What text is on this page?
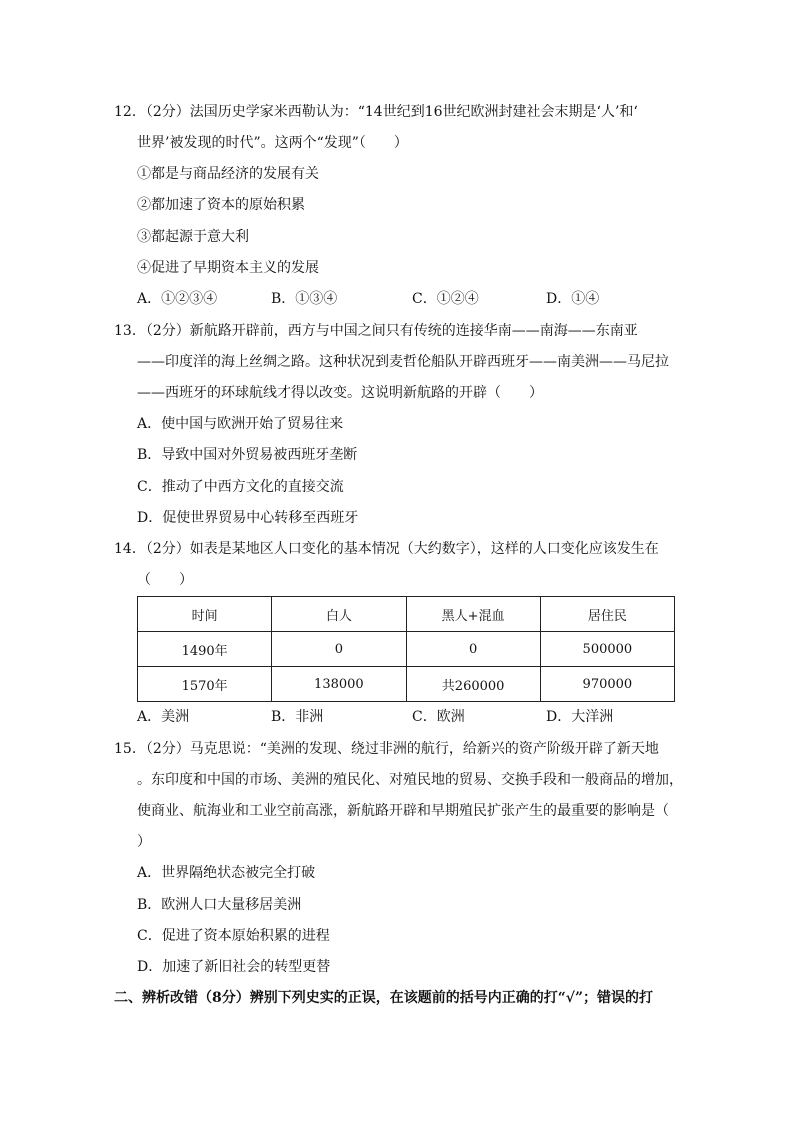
12．（2分）法国历史学家米西勒认为：“14世纪到16世纪欧洲封建社会末期是‘人’和‘
世界’被发现的时代”。这两个“发现”（　　）
①都是与商品经济的发展有关
②都加速了资本的原始积累
③都起源于意大利
④促进了早期资本主义的发展
A．①②③④	B．①③④	C．①②④	D．①④
13．（2分）新航路开辟前，西方与中国之间只有传统的连接华南——南海——东南亚
——印度洋的海上丝绸之路。这种状况到麦哲伦船队开辟西班牙——南美洲——马尼拉
——西班牙的环球航线才得以改变。这说明新航路的开辟（　　）
A．使中国与欧洲开始了贸易往来
B．导致中国对外贸易被西班牙垄断
C．推动了中西方文化的直接交流
D．促使世界贸易中心转移至西班牙
14．（2分）如表是某地区人口变化的基本情况（大约数字），这样的人口变化应该发生在
（　　）
时间	白人	黑人+混血	居住民
1490年	0	0	500000
1570年	138000	共260000	970000
A．美洲	B．非洲	C．欧洲	D．大洋洲
15．（2分）马克思说：“美洲的发现、绕过非洲的航行，给新兴的资产阶级开辟了新天地
。东印度和中国的市场、美洲的殖民化、对殖民地的贸易、交换手段和一般商品的增加，
使商业、航海业和工业空前高涨，新航路开辟和早期殖民扩张产生的最重要的影响是（
）
A．世界隔绝状态被完全打破
B．欧洲人口大量移居美洲
C．促进了资本原始积累的进程
D．加速了新旧社会的转型更替
二、辨析改错（8分）辨别下列史实的正误，在该题前的括号内正确的打“√”；错误的打
